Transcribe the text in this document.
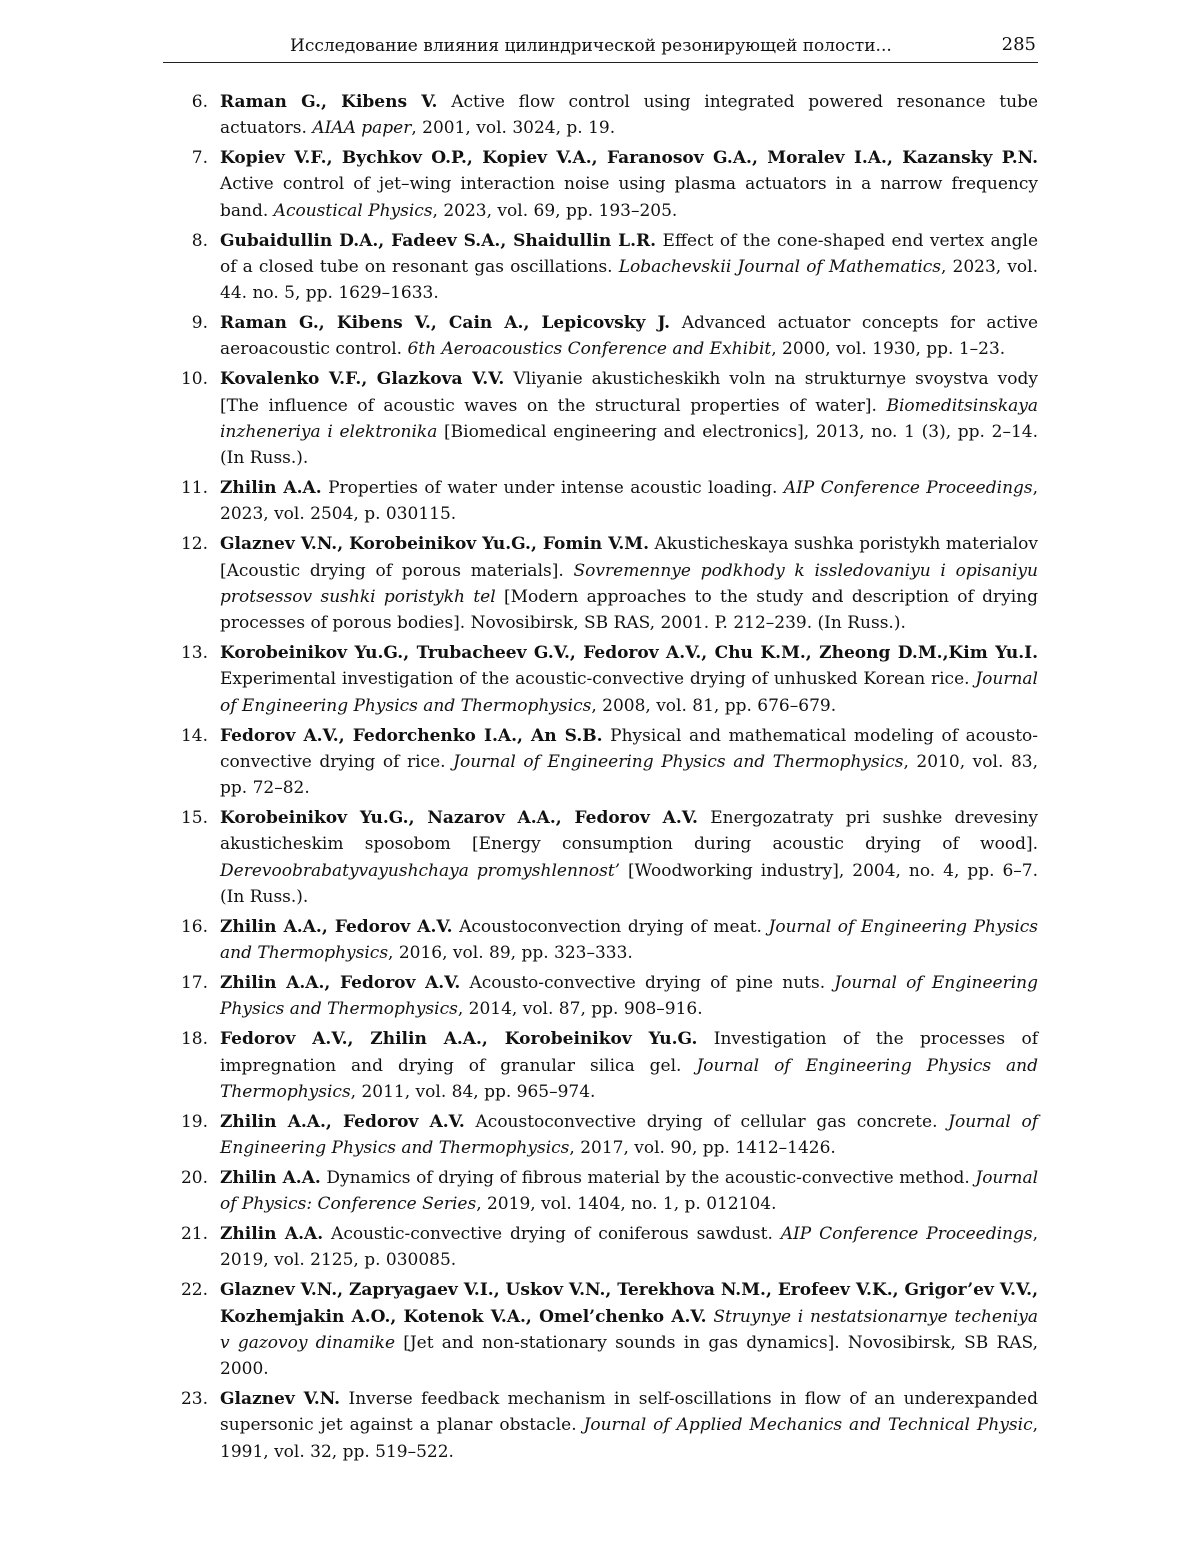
Исследование влияния цилиндрической резонирующей полости...	285
6. Raman G., Kibens V. Active flow control using integrated powered resonance tube actuators. AIAA paper, 2001, vol. 3024, p. 19.
7. Kopiev V.F., Bychkov O.P., Kopiev V.A., Faranosov G.A., Moralev I.A., Kazansky P.N. Active control of jet–wing interaction noise using plasma actuators in a narrow frequency band. Acoustical Physics, 2023, vol. 69, pp. 193–205.
8. Gubaidullin D.A., Fadeev S.A., Shaidullin L.R. Effect of the cone-shaped end vertex angle of a closed tube on resonant gas oscillations. Lobachevskii Journal of Mathematics, 2023, vol. 44. no. 5, pp. 1629–1633.
9. Raman G., Kibens V., Cain A., Lepicovsky J. Advanced actuator concepts for active aeroacoustic control. 6th Aeroacoustics Conference and Exhibit, 2000, vol. 1930, pp. 1–23.
10. Kovalenko V.F., Glazkova V.V. Vliyanie akusticheskikh voln na strukturnye svoystva vody [The influence of acoustic waves on the structural properties of water]. Biomeditsinskaya inzheneriya i elektronika [Biomedical engineering and electronics], 2013, no. 1 (3), pp. 2–14. (In Russ.).
11. Zhilin A.A. Properties of water under intense acoustic loading. AIP Conference Proceedings, 2023, vol. 2504, p. 030115.
12. Glaznev V.N., Korobeinikov Yu.G., Fomin V.M. Akusticheskaya sushka poristykh materialov [Acoustic drying of porous materials]. Sovremennye podkhody k issledovaniyu i opisaniyu protsessov sushki poristykh tel [Modern approaches to the study and description of drying processes of porous bodies]. Novosibirsk, SB RAS, 2001. P. 212–239. (In Russ.).
13. Korobeinikov Yu.G., Trubacheev G.V., Fedorov A.V., Chu K.M., Zheong D.M.,Kim Yu.I. Experimental investigation of the acoustic-convective drying of unhusked Korean rice. Journal of Engineering Physics and Thermophysics, 2008, vol. 81, pp. 676–679.
14. Fedorov A.V., Fedorchenko I.A., An S.B. Physical and mathematical modeling of acousto-convective drying of rice. Journal of Engineering Physics and Thermophysics, 2010, vol. 83, pp. 72–82.
15. Korobeinikov Yu.G., Nazarov A.A., Fedorov A.V. Energozatraty pri sushke drevesiny akusticheskim sposobom [Energy consumption during acoustic drying of wood]. Derevoobrabatyvayushchaya promyshlennost’ [Woodworking industry], 2004, no. 4, pp. 6–7. (In Russ.).
16. Zhilin A.A., Fedorov A.V. Acoustoconvection drying of meat. Journal of Engineering Physics and Thermophysics, 2016, vol. 89, pp. 323–333.
17. Zhilin A.A., Fedorov A.V. Acousto-convective drying of pine nuts. Journal of Engineering Physics and Thermophysics, 2014, vol. 87, pp. 908–916.
18. Fedorov A.V., Zhilin A.A., Korobeinikov Yu.G. Investigation of the processes of impregnation and drying of granular silica gel. Journal of Engineering Physics and Thermophysics, 2011, vol. 84, pp. 965–974.
19. Zhilin A.A., Fedorov A.V. Acoustoconvective drying of cellular gas concrete. Journal of Engineering Physics and Thermophysics, 2017, vol. 90, pp. 1412–1426.
20. Zhilin A.A. Dynamics of drying of fibrous material by the acoustic-convective method. Journal of Physics: Conference Series, 2019, vol. 1404, no. 1, p. 012104.
21. Zhilin A.A. Acoustic-convective drying of coniferous sawdust. AIP Conference Proceedings, 2019, vol. 2125, p. 030085.
22. Glaznev V.N., Zapryagaev V.I., Uskov V.N., Terekhova N.M., Erofeev V.K., Grigor’ev V.V., Kozhemjakin A.O., Kotenok V.A., Omel’chenko A.V. Struynye i nestatsionarnye techeniya v gazovoy dinamike [Jet and non-stationary sounds in gas dynamics]. Novosibirsk, SB RAS, 2000.
23. Glaznev V.N. Inverse feedback mechanism in self-oscillations in flow of an underexpanded supersonic jet against a planar obstacle. Journal of Applied Mechanics and Technical Physic, 1991, vol. 32, pp. 519–522.
